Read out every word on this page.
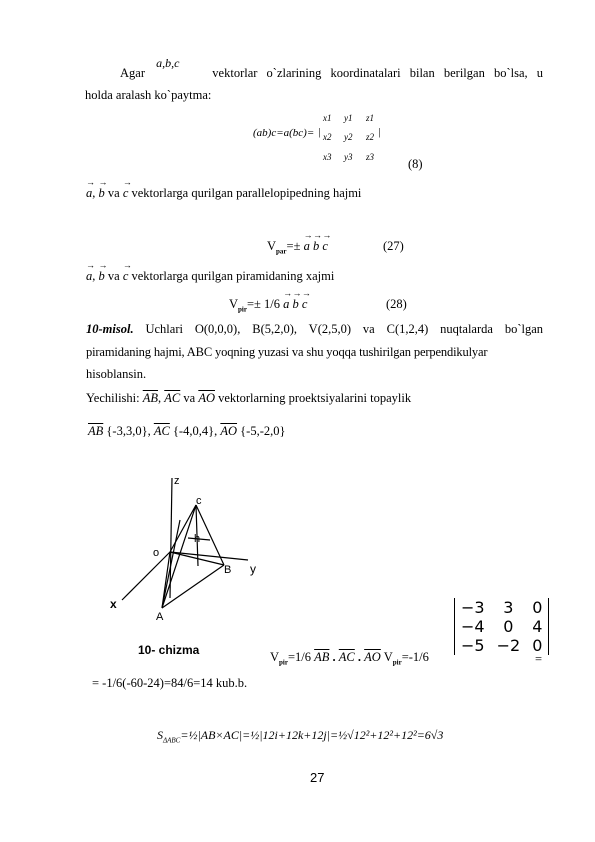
Agar a,b,c
vektorlar o`zlarining koordinatalari bilan berilgan bo`lsa, u
holda aralash ko`paytma:
(ab)c=a(bc)= |	|
x1 y1 z1
x2 y2 z2
x3 y3 z3	(8)
→ a, → b va → c vektorlarga qurilgan parallelopipedning hajmi
$V_{par}=\pm \to a \to b \to c$	(27)
→ a, → b va → c vektorlarga qurilgan piramidaning xajmi
$V_{pir}=\pm 1/6 \to a \to b \to c$	(28)
10-misol. Uchlari O(0,0,0), B(5,2,0), V(2,5,0) va C(1,2,4) nuqtalarda bo`lgan
piramidaning hajmi, ABC yoqning yuzasi va shu yoqqa tushirilgan perpendikulyar
hisoblansin.
Yechilishi: $\overline{AB}$, $\overline{AC}$ va $\overline{AO}$ vektorlarning proektsiyalarini topaylik
$\overline{AB}$ {-3,3,0}, $\overline{AC}$ {-4,0,4}, $\overline{AO}$ {-5,-2,0}
z
c
h
o
B y
x
A
10- chizma	$V_{pir}=1/6$ $\overline{AB}$ . $\overline{AC}$ . $\overline{AO}$ $V_{pir}=-1/6$
−3	3	0
−4	0	4
−5	−2	0
=
= -1/6(-60-24)=84/6=14 kub.b.
$S_{\Delta ABC}=\frac{1}{2}|AB\times AC|=\frac{1}{2}|12i+12k+12j|=\frac{1}{2}√12^2+12^2+12^2=6√3$
27
